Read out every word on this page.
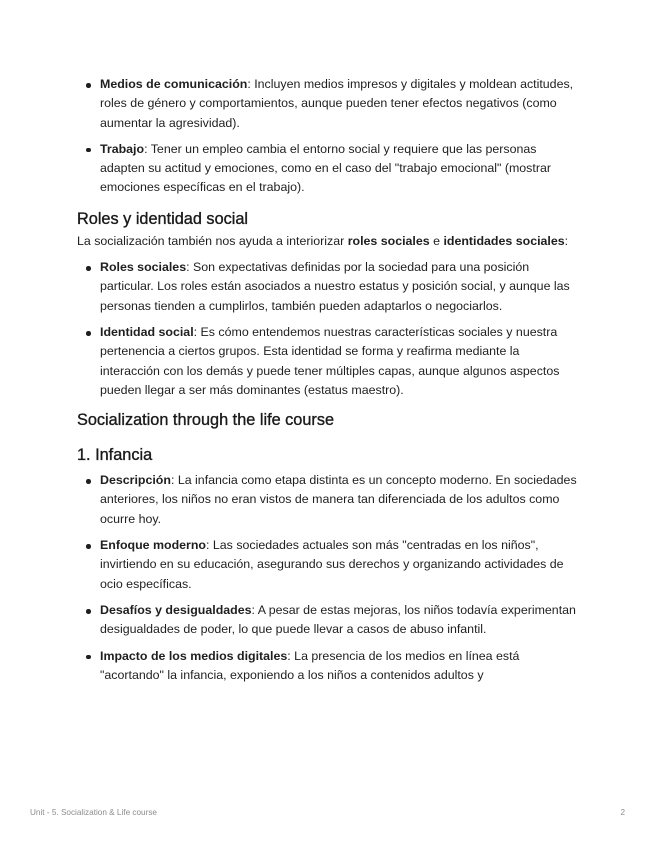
Medios de comunicación: Incluyen medios impresos y digitales y moldean actitudes, roles de género y comportamientos, aunque pueden tener efectos negativos (como aumentar la agresividad).
Trabajo: Tener un empleo cambia el entorno social y requiere que las personas adapten su actitud y emociones, como en el caso del "trabajo emocional" (mostrar emociones específicas en el trabajo).
Roles y identidad social

La socialización también nos ayuda a interiorizar roles sociales e identidades sociales:

Roles sociales: Son expectativas definidas por la sociedad para una posición particular. Los roles están asociados a nuestro estatus y posición social, y aunque las personas tienden a cumplirlos, también pueden adaptarlos o negociarlos.
Identidad social: Es cómo entendemos nuestras características sociales y nuestra pertenencia a ciertos grupos. Esta identidad se forma y reafirma mediante la interacción con los demás y puede tener múltiples capas, aunque algunos aspectos pueden llegar a ser más dominantes (estatus maestro).
Socialization through the life course
1. Infancia
Descripción: La infancia como etapa distinta es un concepto moderno. En sociedades anteriores, los niños no eran vistos de manera tan diferenciada de los adultos como ocurre hoy.
Enfoque moderno: Las sociedades actuales son más "centradas en los niños", invirtiendo en su educación, asegurando sus derechos y organizando actividades de ocio específicas.
Desafíos y desigualdades: A pesar de estas mejoras, los niños todavía experimentan desigualdades de poder, lo que puede llevar a casos de abuso infantil.
Impacto de los medios digitales: La presencia de los medios en línea está "acortando" la infancia, exponiendo a los niños a contenidos adultos y
Unit - 5. Socialization & Life course	2
